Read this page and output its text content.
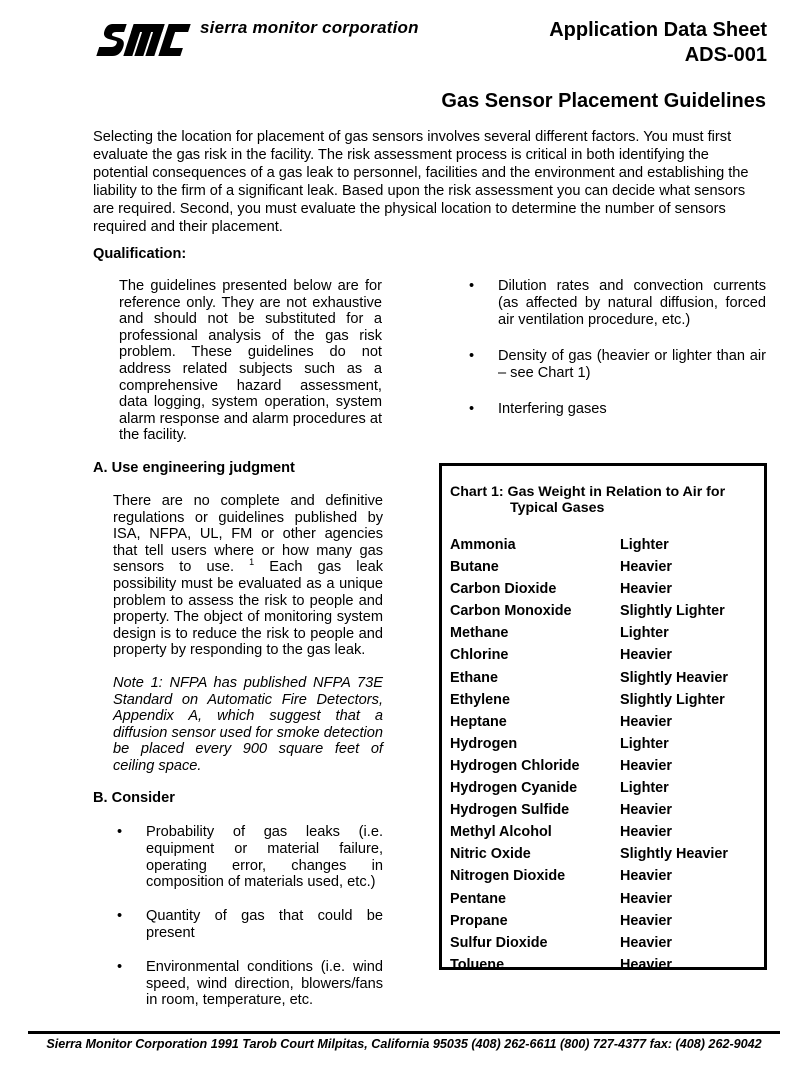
sierra monitor corporation	Application Data Sheet
ADS-001
Gas Sensor Placement Guidelines

Selecting the location for placement of gas sensors involves several different factors. You must first evaluate the gas risk in the facility. The risk assessment process is critical in both identifying the potential consequences of a gas leak to personnel, facilities and the environment and establishing the liability to the firm of a significant leak. Based upon the risk assessment you can decide what sensors are required. Second, you must evaluate the physical location to determine the number of sensors required and their placement.

Qualification:

The guidelines presented below are for reference only. They are not exhaustive and should not be substituted for a professional analysis of the gas risk problem. These guidelines do not address related subjects such as a comprehensive hazard assessment, data logging, system operation, system alarm response and alarm procedures at the facility.

A. Use engineering judgment

There are no complete and definitive regulations or guidelines published by ISA, NFPA, UL, FM or other agencies that tell users where or how many gas sensors to use. $^1$ Each gas leak possibility must be evaluated as a unique problem to assess the risk to people and property. The object of monitoring system design is to reduce the risk to people and property by responding to the gas leak.

Note 1: NFPA has published NFPA 73E Standard on Automatic Fire Detectors, Appendix A, which suggest that a diffusion sensor used for smoke detection be placed every 900 square feet of ceiling space.

B. Consider
• Probability of gas leaks (i.e. equipment or material failure, operating error, changes in composition of materials used, etc.)
• Quantity of gas that could be present
• Environmental conditions (i.e. wind speed, wind direction, blowers/fans in room, temperature, etc.
• Dilution rates and convection currents (as affected by natural diffusion, forced air ventilation procedure, etc.)
• Density of gas (heavier or lighter than air – see Chart 1)
• Interfering gases
Chart 1: Gas Weight in Relation to Air for
Typical Gases
Ammonia	Lighter
Butane	Heavier
Carbon Dioxide	Heavier
Carbon Monoxide	Slightly Lighter
Methane	Lighter
Chlorine	Heavier
Ethane	Slightly Heavier
Ethylene	Slightly Lighter
Heptane	Heavier
Hydrogen	Lighter
Hydrogen Chloride	Heavier
Hydrogen Cyanide	Lighter
Hydrogen Sulfide	Heavier
Methyl Alcohol	Heavier
Nitric Oxide	Slightly Heavier
Nitrogen Dioxide	Heavier
Pentane	Heavier
Propane	Heavier
Sulfur Dioxide	Heavier
Toluene	Heavier
Sierra Monitor Corporation 1991 Tarob Court Milpitas, California 95035 (408) 262-6611 (800) 727-4377 fax: (408) 262-9042
